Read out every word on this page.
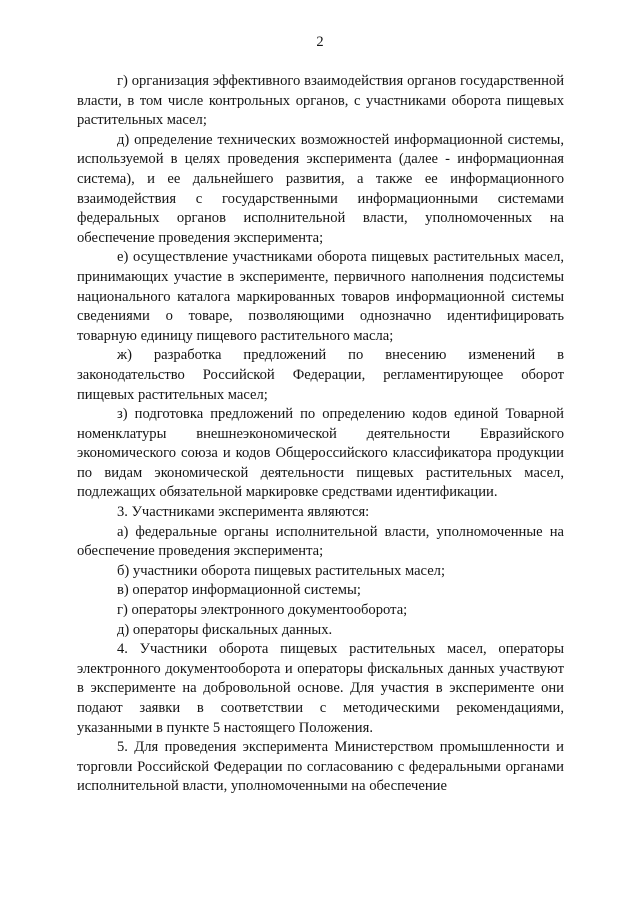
2

г) организация эффективного взаимодействия органов государственной власти, в том числе контрольных органов, с участниками оборота пищевых растительных масел;

д) определение технических возможностей информационной системы, используемой в целях проведения эксперимента (далее - информационная система), и ее дальнейшего развития, а также ее информационного взаимодействия с государственными информационными системами федеральных органов исполнительной власти, уполномоченных на обеспечение проведения эксперимента;

е) осуществление участниками оборота пищевых растительных масел, принимающих участие в эксперименте, первичного наполнения подсистемы национального каталога маркированных товаров информационной системы сведениями о товаре, позволяющими однозначно идентифицировать товарную единицу пищевого растительного масла;

ж) разработка предложений по внесению изменений в законодательство Российской Федерации, регламентирующее оборот пищевых растительных масел;

з) подготовка предложений по определению кодов единой Товарной номенклатуры внешнеэкономической деятельности Евразийского экономического союза и кодов Общероссийского классификатора продукции по видам экономической деятельности пищевых растительных масел, подлежащих обязательной маркировке средствами идентификации.

3. Участниками эксперимента являются:

а) федеральные органы исполнительной власти, уполномоченные на обеспечение проведения эксперимента;

б) участники оборота пищевых растительных масел;

в) оператор информационной системы;

г) операторы электронного документооборота;

д) операторы фискальных данных.

4. Участники оборота пищевых растительных масел, операторы электронного документооборота и операторы фискальных данных участвуют в эксперименте на добровольной основе. Для участия в эксперименте они подают заявки в соответствии с методическими рекомендациями, указанными в пункте 5 настоящего Положения.

5. Для проведения эксперимента Министерством промышленности и торговли Российской Федерации по согласованию с федеральными органами исполнительной власти, уполномоченными на обеспечение
